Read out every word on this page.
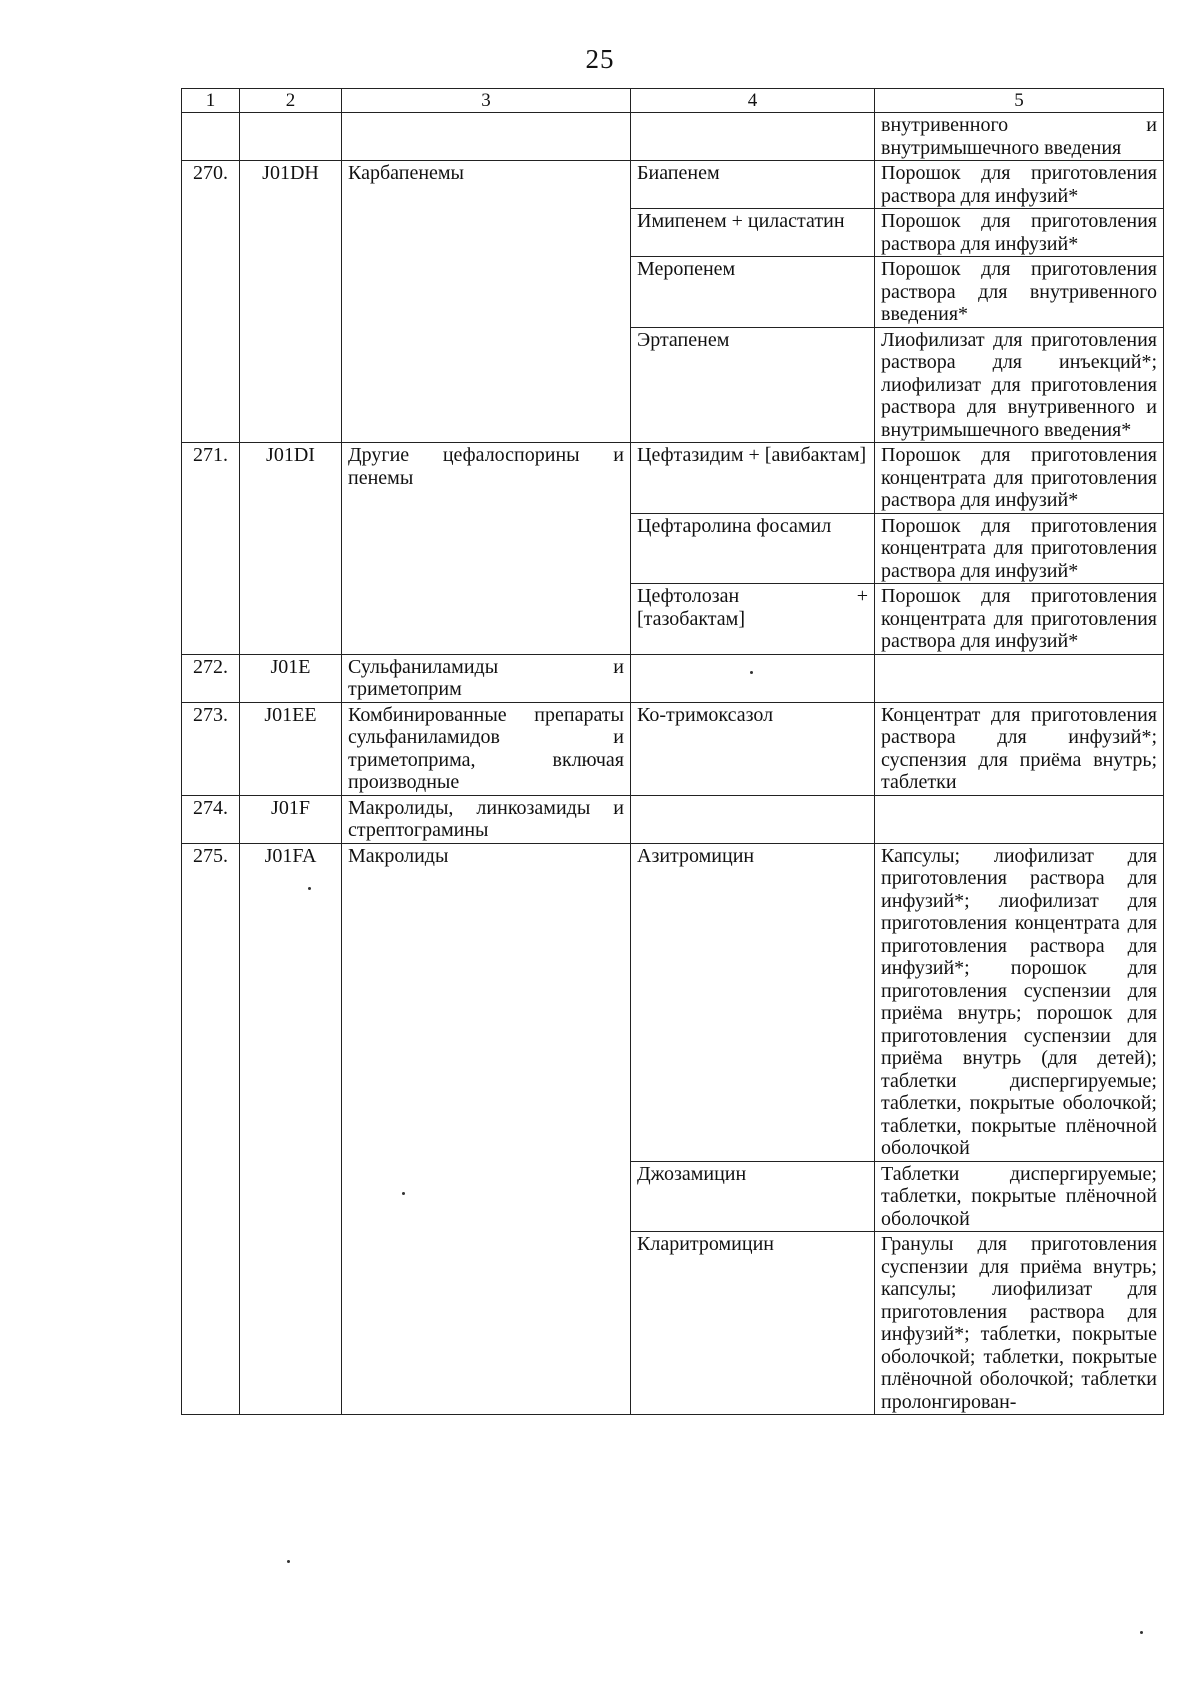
25
1	2	3	4	5
				внутривенного и внутримышечного введения
270.	J01DH	Карбапенемы	Биапенем	Порошок для приготовления раствора для инфузий*
			Имипенем + циластатин	Порошок для приготовления раствора для инфузий*
			Меропенем	Порошок для приготовления раствора для внутривенного введения*
			Эртапенем	Лиофилизат для приготовления раствора для инъекций*; лиофилизат для приготовления раствора для внутривенного и внутримышечного введения*
271.	J01DI	Другие цефалоспорины и пенемы	Цефтазидим + [авибактам]	Порошок для приготовления концентрата для приготовления раствора для инфузий*
			Цефтаролина фосамил	Порошок для приготовления концентрата для приготовления раствора для инфузий*
			Цефтолозан + [тазобактам]	Порошок для приготовления концентрата для приготовления раствора для инфузий*
272.	J01E	Сульфаниламиды и триметоприм		
273.	J01EE	Комбинированные препараты сульфаниламидов и триметоприма, включая производные	Ко-тримоксазол	Концентрат для приготовления раствора для инфузий*; суспензия для приёма внутрь; таблетки
274.	J01F	Макролиды, линкозамиды и стрептограмины		
275.	J01FA	Макролиды	Азитромицин	Капсулы; лиофилизат для приготовления раствора для инфузий*; лиофилизат для приготовления концентрата для приготовления раствора для инфузий*; порошок для приготовления суспензии для приёма внутрь; порошок для приготовления суспензии для приёма внутрь (для детей); таблетки диспергируемые; таблетки, покрытые оболочкой; таблетки, покрытые плёночной оболочкой
			Джозамицин	Таблетки диспергируемые; таблетки, покрытые плёночной оболочкой
			Кларитромицин	Гранулы для приготовления суспензии для приёма внутрь; капсулы; лиофилизат для приготовления раствора для инфузий*; таблетки, покрытые оболочкой; таблетки, покрытые плёночной оболочкой; таблетки пролонгирован-
